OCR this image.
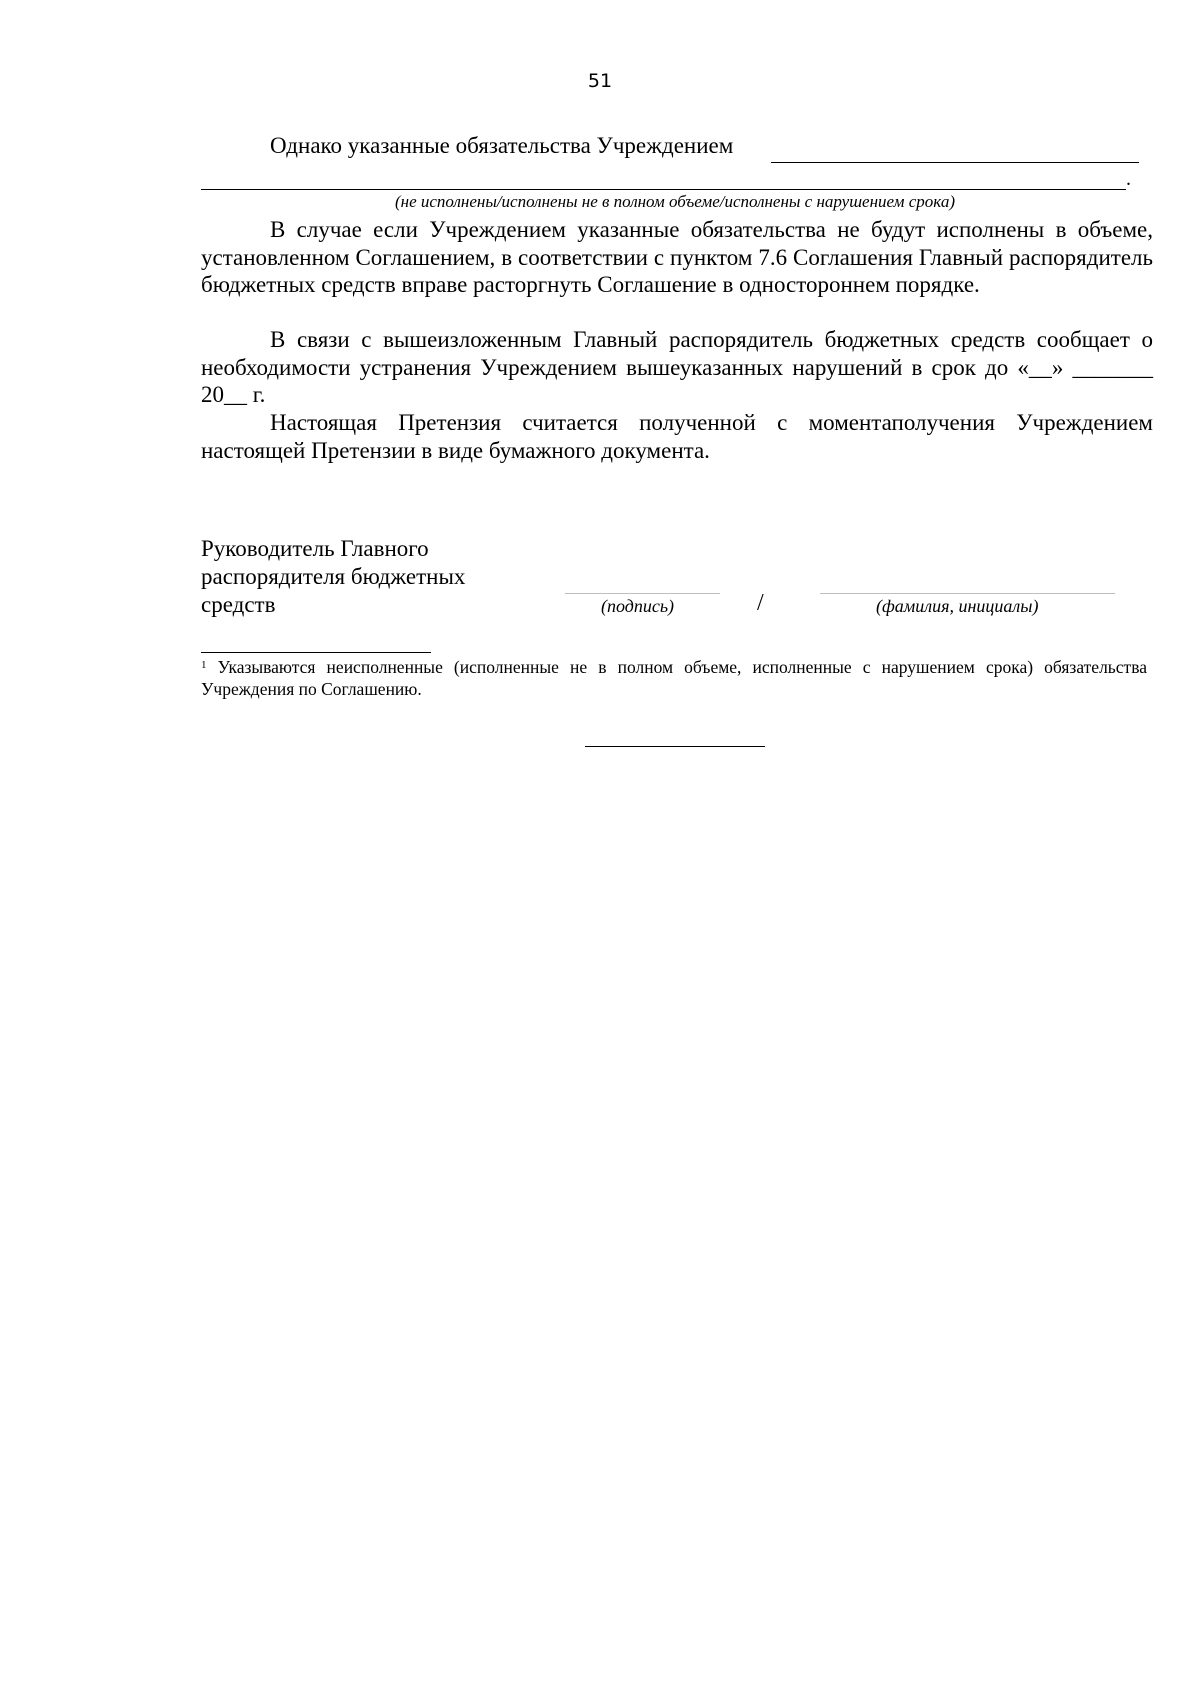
51
Однако указанные обязательства Учреждением
.
(не исполнены/исполнены не в полном объеме/исполнены с нарушением срока)

В случае если Учреждением указанные обязательства не будут исполнены в объеме, установленном Соглашением, в соответствии с пунктом 7.6 Соглашения Главный распорядитель бюджетных средств вправе расторгнуть Соглашение в одностороннем порядке.

В связи с вышеизложенным Главный распорядитель бюджетных средств сообщает о необходимости устранения Учреждением вышеуказанных нарушений в срок до «__» _______ 20__ г.

Настоящая Претензия считается полученной с моментаполучения Учреждением настоящей Претензии в виде бумажного документа.

Руководитель Главного
распорядителя бюджетных
средств	(подпись)	/	(фамилия, инициалы)

$^1$ Указываются неисполненные (исполненные не в полном объеме, исполненные с нарушением срока) обязательства Учреждения по Соглашению.
